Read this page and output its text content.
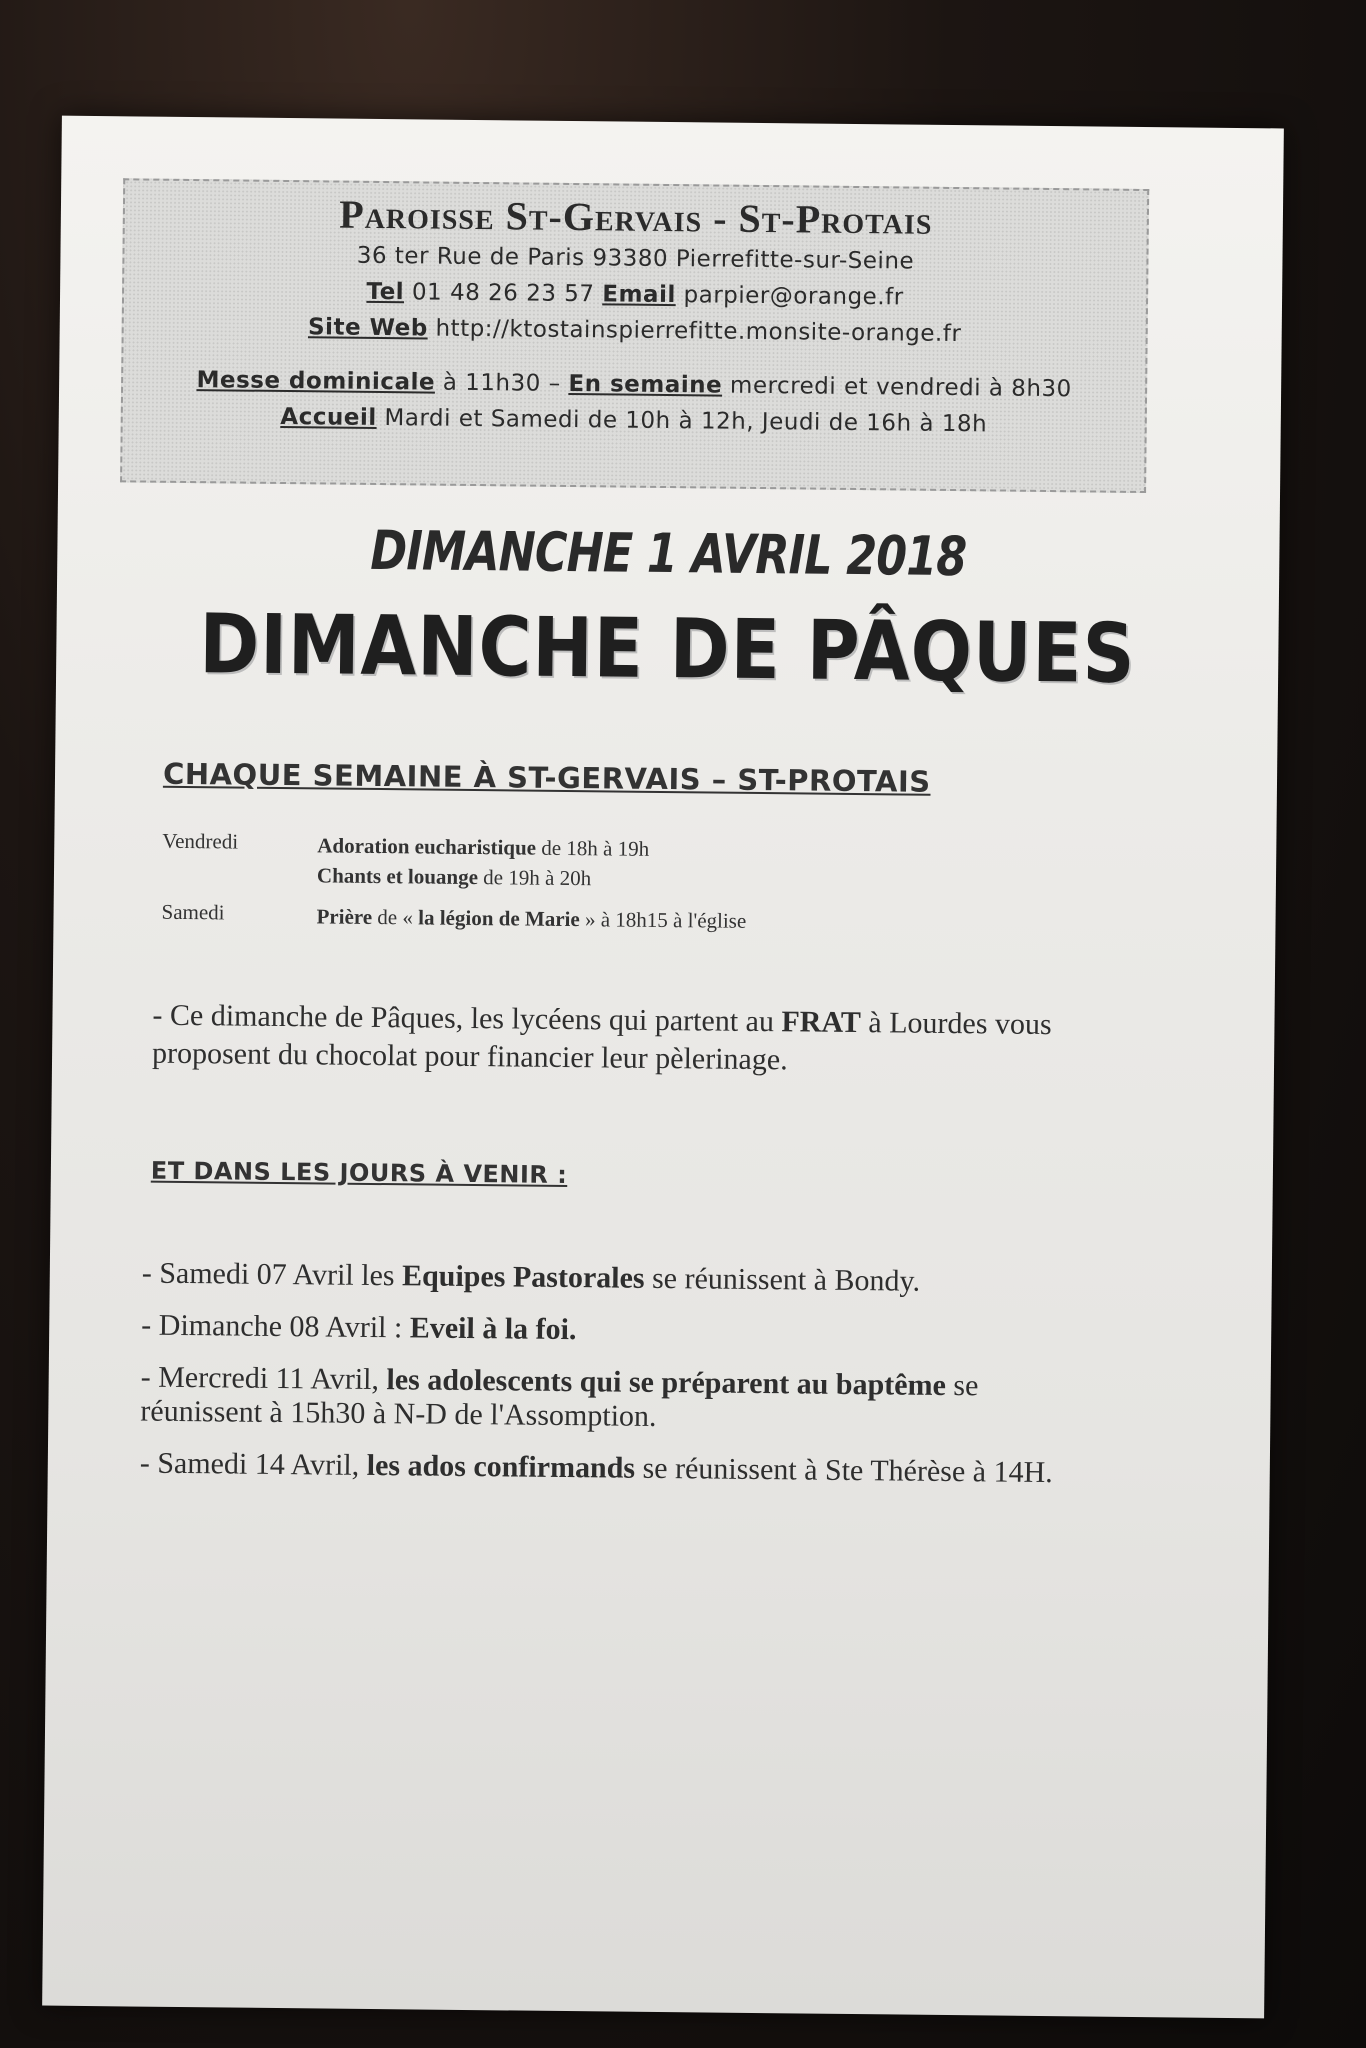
Paroisse St-Gervais - St-Protais
36 ter Rue de Paris 93380 Pierrefitte-sur-Seine
Tel 01 48 26 23 57 Email parpier@orange.fr
Site Web http://ktostainspierrefitte.monsite-orange.fr
Messe dominicale à 11h30 – En semaine mercredi et vendredi à 8h30
Accueil Mardi et Samedi de 10h à 12h, Jeudi de 16h à 18h
DIMANCHE 1 AVRIL 2018
DIMANCHE DE PÂQUES
CHAQUE SEMAINE À ST-GERVAIS – ST-PROTAIS
Vendredi	Adoration eucharistique de 18h à 19h
Chants et louange de 19h à 20h
Samedi	Prière de « la légion de Marie » à 18h15 à l'église
- Ce dimanche de Pâques, les lycéens qui partent au FRAT à Lourdes vous proposent du chocolat pour financier leur pèlerinage.
ET DANS LES JOURS À VENIR :
- Samedi 07 Avril les Equipes Pastorales se réunissent à Bondy.
- Dimanche 08 Avril : Eveil à la foi.
- Mercredi 11 Avril, les adolescents qui se préparent au baptême se réunissent à 15h30 à N-D de l'Assomption.
- Samedi 14 Avril, les ados confirmands se réunissent à Ste Thérèse à 14H.
